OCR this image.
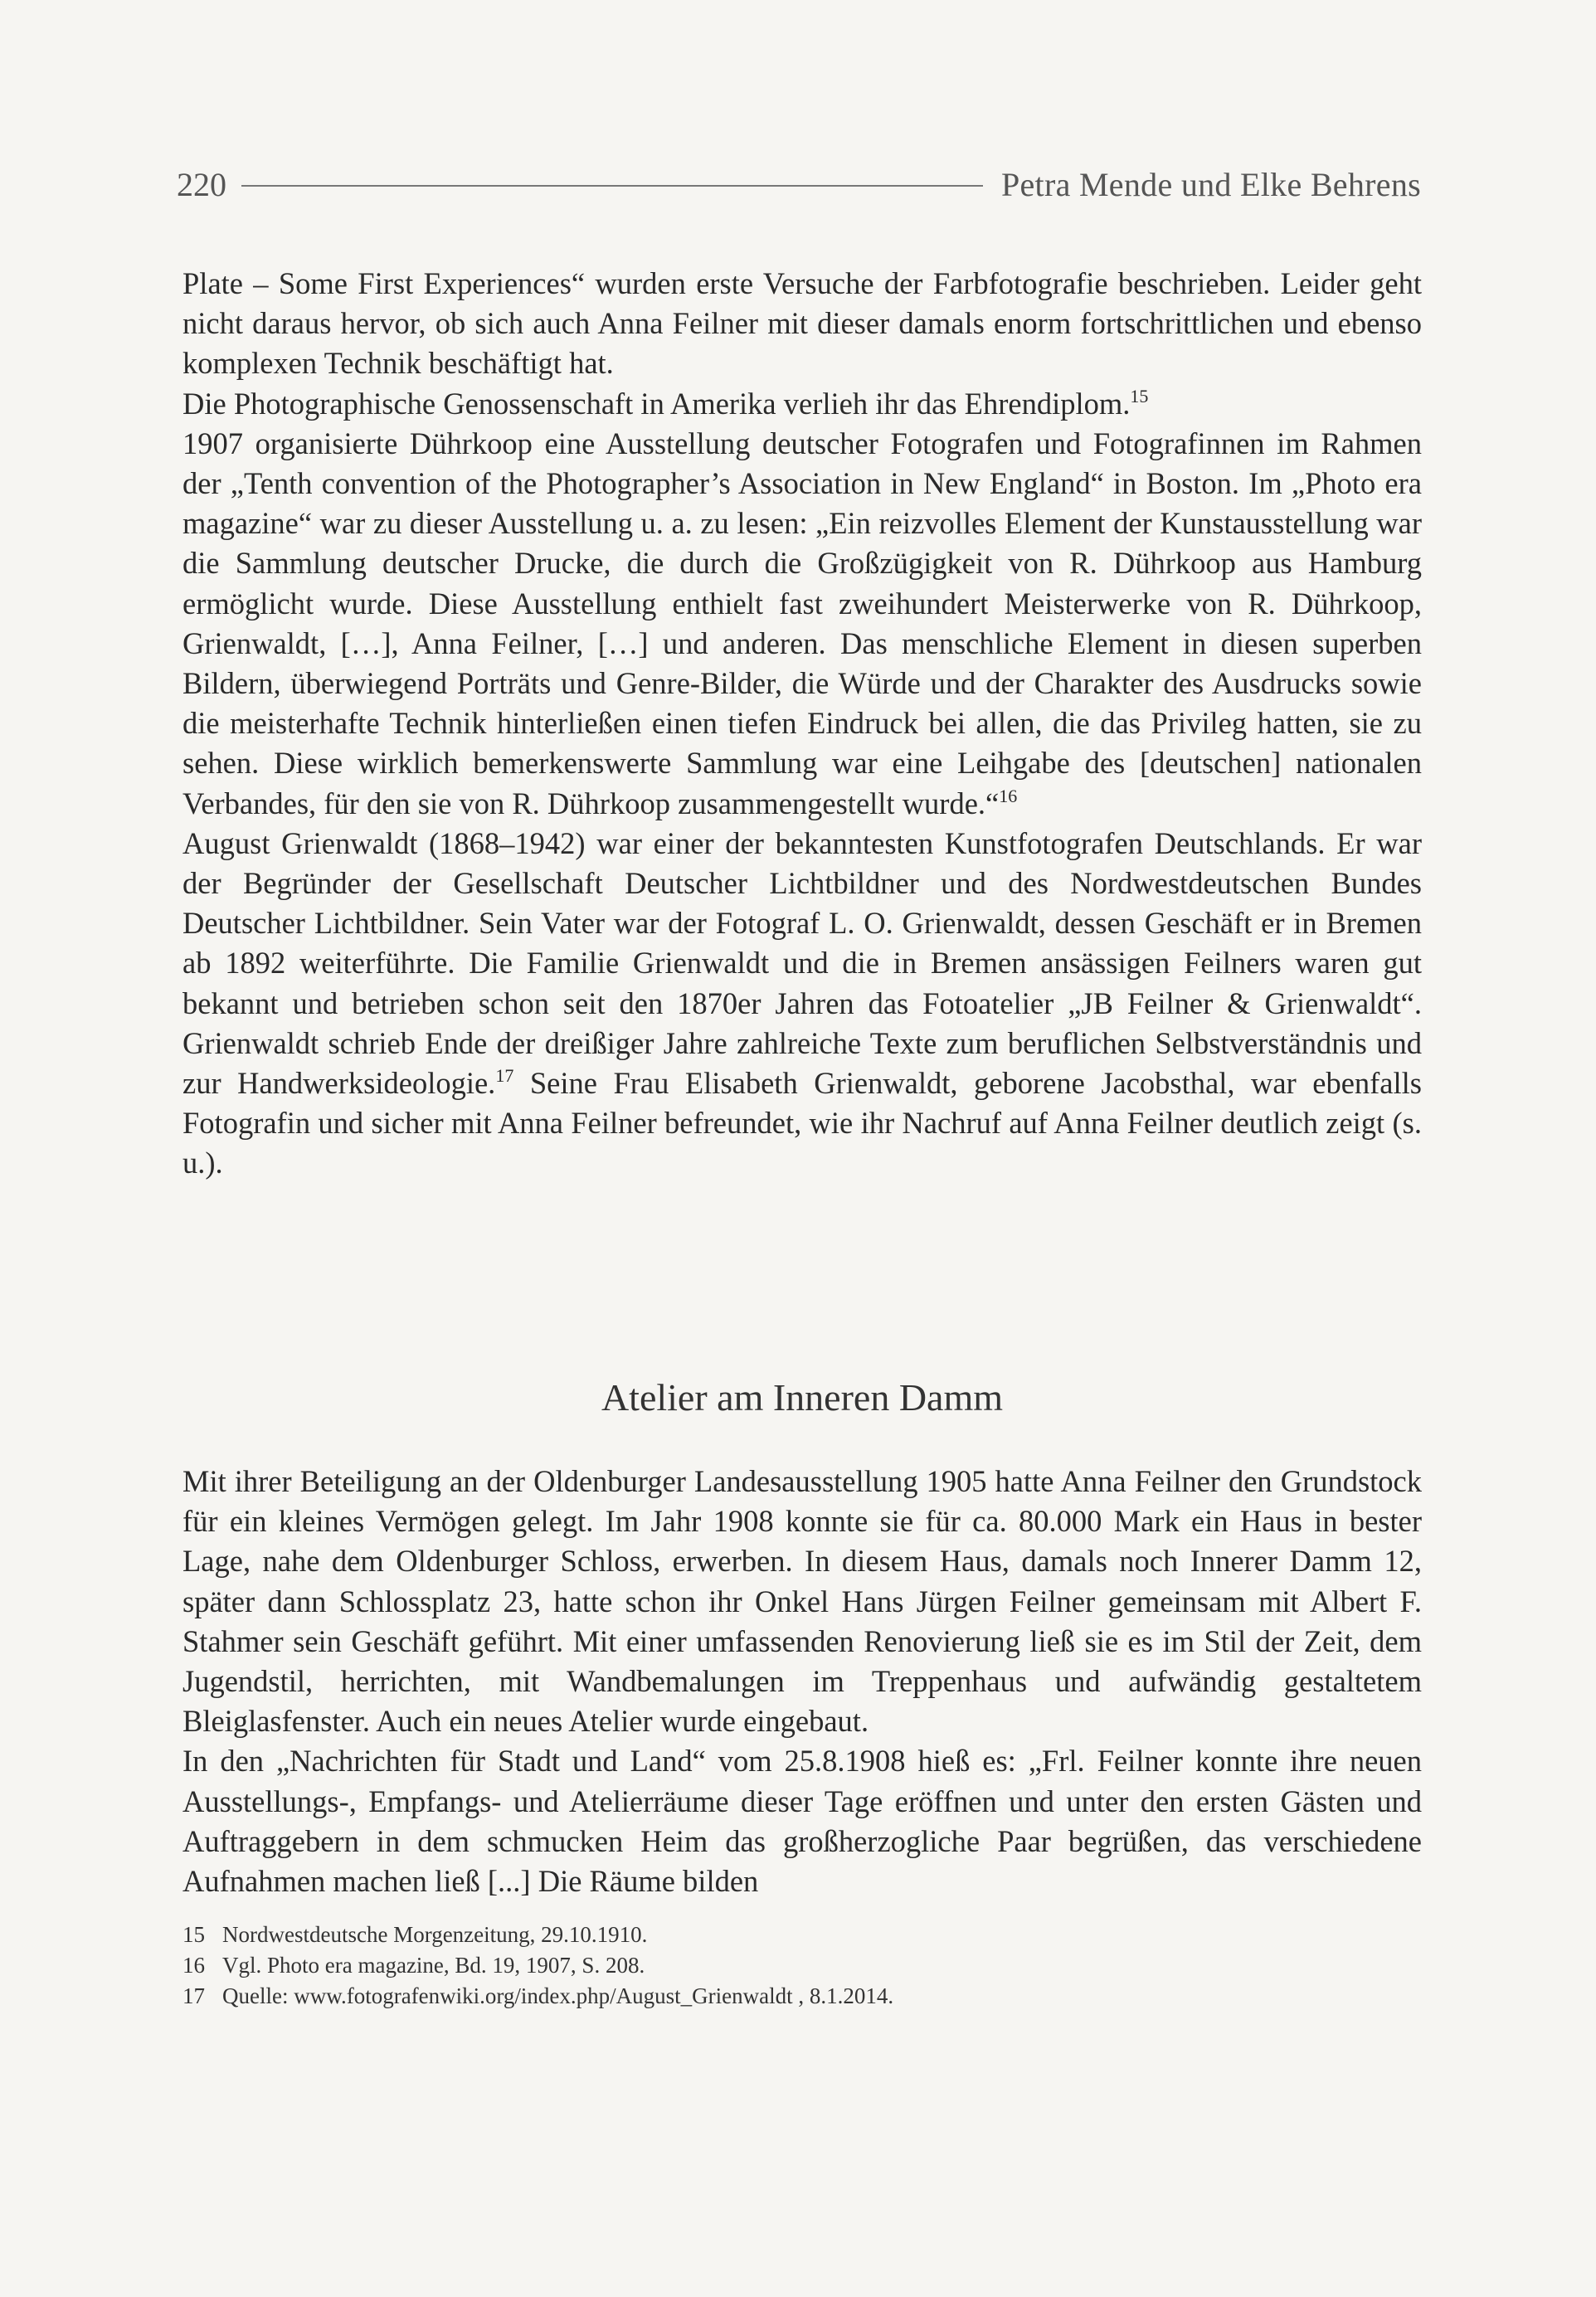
220	Petra Mende und Elke Behrens

Plate – Some First Experiences“ wurden erste Versuche der Farbfotografie beschrieben. Leider geht nicht daraus hervor, ob sich auch Anna Feilner mit dieser damals enorm fortschrittlichen und ebenso komplexen Technik beschäftigt hat.

Die Photographische Genossenschaft in Amerika verlieh ihr das Ehrendiplom.$^{15}$

1907 organisierte Dührkoop eine Ausstellung deutscher Fotografen und Fotografinnen im Rahmen der „Tenth convention of the Photographer’s Association in New England“ in Boston. Im „Photo era magazine“ war zu dieser Ausstellung u. a. zu lesen: „Ein reizvolles Element der Kunstausstellung war die Sammlung deutscher Drucke, die durch die Großzügigkeit von R. Dührkoop aus Hamburg ermöglicht wurde. Diese Ausstellung enthielt fast zweihundert Meisterwerke von R. Dührkoop, Grienwaldt, […], Anna Feilner, […] und anderen. Das menschliche Element in diesen superben Bildern, überwiegend Porträts und Genre-Bilder, die Würde und der Charakter des Ausdrucks sowie die meisterhafte Technik hinterließen einen tiefen Eindruck bei allen, die das Privileg hatten, sie zu sehen. Diese wirklich bemerkenswerte Sammlung war eine Leihgabe des [deutschen] nationalen Verbandes, für den sie von R. Dührkoop zusammengestellt wurde.“$^{16}$

August Grienwaldt (1868–1942) war einer der bekanntesten Kunstfotografen Deutschlands. Er war der Begründer der Gesellschaft Deutscher Lichtbildner und des Nordwestdeutschen Bundes Deutscher Lichtbildner. Sein Vater war der Fotograf L. O. Grienwaldt, dessen Geschäft er in Bremen ab 1892 weiterführte. Die Familie Grienwaldt und die in Bremen ansässigen Feilners waren gut bekannt und betrieben schon seit den 1870er Jahren das Fotoatelier „JB Feilner & Grienwaldt“. Grienwaldt schrieb Ende der dreißiger Jahre zahlreiche Texte zum beruflichen Selbstverständnis und zur Handwerksideologie.$^{17}$ Seine Frau Elisabeth Grienwaldt, geborene Jacobsthal, war ebenfalls Fotografin und sicher mit Anna Feilner befreundet, wie ihr Nachruf auf Anna Feilner deutlich zeigt (s. u.).

Atelier am Inneren Damm

Mit ihrer Beteiligung an der Oldenburger Landesausstellung 1905 hatte Anna Feilner den Grundstock für ein kleines Vermögen gelegt. Im Jahr 1908 konnte sie für ca. 80.000 Mark ein Haus in bester Lage, nahe dem Oldenburger Schloss, erwerben. In diesem Haus, damals noch Innerer Damm 12, später dann Schlossplatz 23, hatte schon ihr Onkel Hans Jürgen Feilner gemeinsam mit Albert F. Stahmer sein Geschäft geführt. Mit einer umfassenden Renovierung ließ sie es im Stil der Zeit, dem Jugendstil, herrichten, mit Wandbemalungen im Treppenhaus und aufwändig gestaltetem Bleiglasfenster. Auch ein neues Atelier wurde eingebaut.

In den „Nachrichten für Stadt und Land“ vom 25.8.1908 hieß es: „Frl. Feilner konnte ihre neuen Ausstellungs-, Empfangs- und Atelierräume dieser Tage eröffnen und unter den ersten Gästen und Auftraggebern in dem schmucken Heim das großherzogliche Paar begrüßen, das verschiedene Aufnahmen machen ließ [...] Die Räume bilden

15 Nordwestdeutsche Morgenzeitung, 29.10.1910.
16 Vgl. Photo era magazine, Bd. 19, 1907, S. 208.
17 Quelle: www.fotografenwiki.org/index.php/August_Grienwaldt , 8.1.2014.
